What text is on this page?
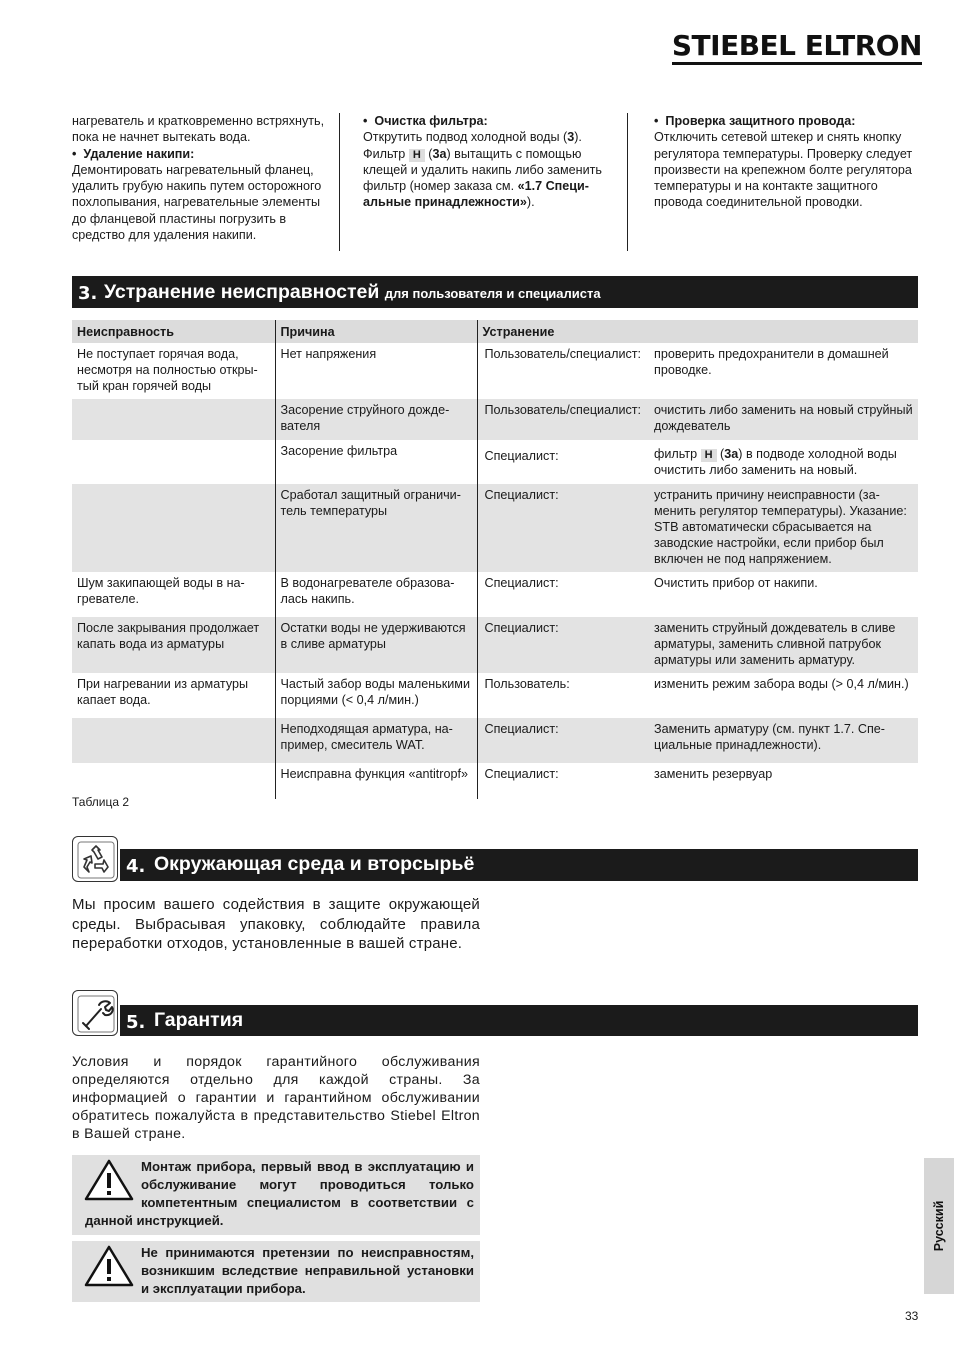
STIEBEL ELTRON
нагреватель и кратковременно встряхнуть, пока не начнет вытекать вода.
• Удаление накипи:
Демонтировать нагревательный фланец, удалить грубую накипь путем осторожного похлопывания, нагревательные элементы до фланцевой пластины погрузить в средство для удаления накипи.
• Очистка фильтра:
Открутить подвод холодной воды (3).
Фильтр H (3a) вытащить с помощью клещей и удалить накипь либо заменить фильтр (номер заказа см. «1.7 Специальные принадлежности»).
• Проверка защитного провода:
Отключить сетевой штекер и снять кнопку регулятора температуры. Проверку следует произвести на крепежном болте регулятора температуры и на контакте защитного провода соединительной проводки.
3. Устранение неисправностей для пользователя и специалиста
Неисправность	Причина	Устранение	
Не поступает горячая вода, несмотря на полностью открытый кран горячей воды	Нет напряжения	Пользователь/специалист:	проверить предохранители в домашней проводке.
	Засорение струйного дождевателя	Пользователь/специалист:	очистить либо заменить на новый струйный дождеватель
	Засорение фильтра	Специалист:	фильтр H (3a) в подводе холодной воды очистить либо заменить на новый.
	Сработал защитный ограничитель температуры	Специалист:	устранить причину неисправности (заменить регулятор температуры). Указание: STB автоматически сбрасывается на заводские настройки, если прибор был включен не под напряжением.
Шум закипающей воды в нагревателе.	В водонагревателе образовалась накипь.	Специалист:	Очистить прибор от накипи.
После закрывания продолжает капать вода из арматуры	Остатки воды не удерживаются в сливе арматуры	Специалист:	заменить струйный дождеватель в сливе арматуры, заменить сливной патрубок арматуры или заменить арматуру.
При нагревании из арматуры капает вода.	Частый забор воды маленькими порциями (< 0,4 л/мин.)	Пользователь:	изменить режим забора воды (> 0,4 л/мин.)
	Неподходящая арматура, например, смеситель WAT.	Специалист:	Заменить арматуру (см. пункт 1.7. Специальные принадлежности).
	Неисправна функция «antitropf»	Специалист:	заменить резервуар
Таблица 2
4. Окружающая среда и вторсырьё
Мы просим вашего содействия в защите окружающей среды. Выбрасывая упаковку, соблюдайте правила переработки отходов, установленные в вашей стране.
5. Гарантия
Условия и порядок гарантийного обслуживания определяются отдельно для каждой страны. За информацией о гарантии и гарантийном обслуживании обратитесь пожалуйста в представительство Stiebel Eltron в Вашей стране.
Монтаж прибора, первый ввод в эксплуатацию и обслуживание могут проводиться только компетентным специалистом в соответствии с данной инструкцией.
Не принимаются претензии по неисправностям, возникшим вследствие неправильной установки и эксплуатации прибора.
Русский
33
